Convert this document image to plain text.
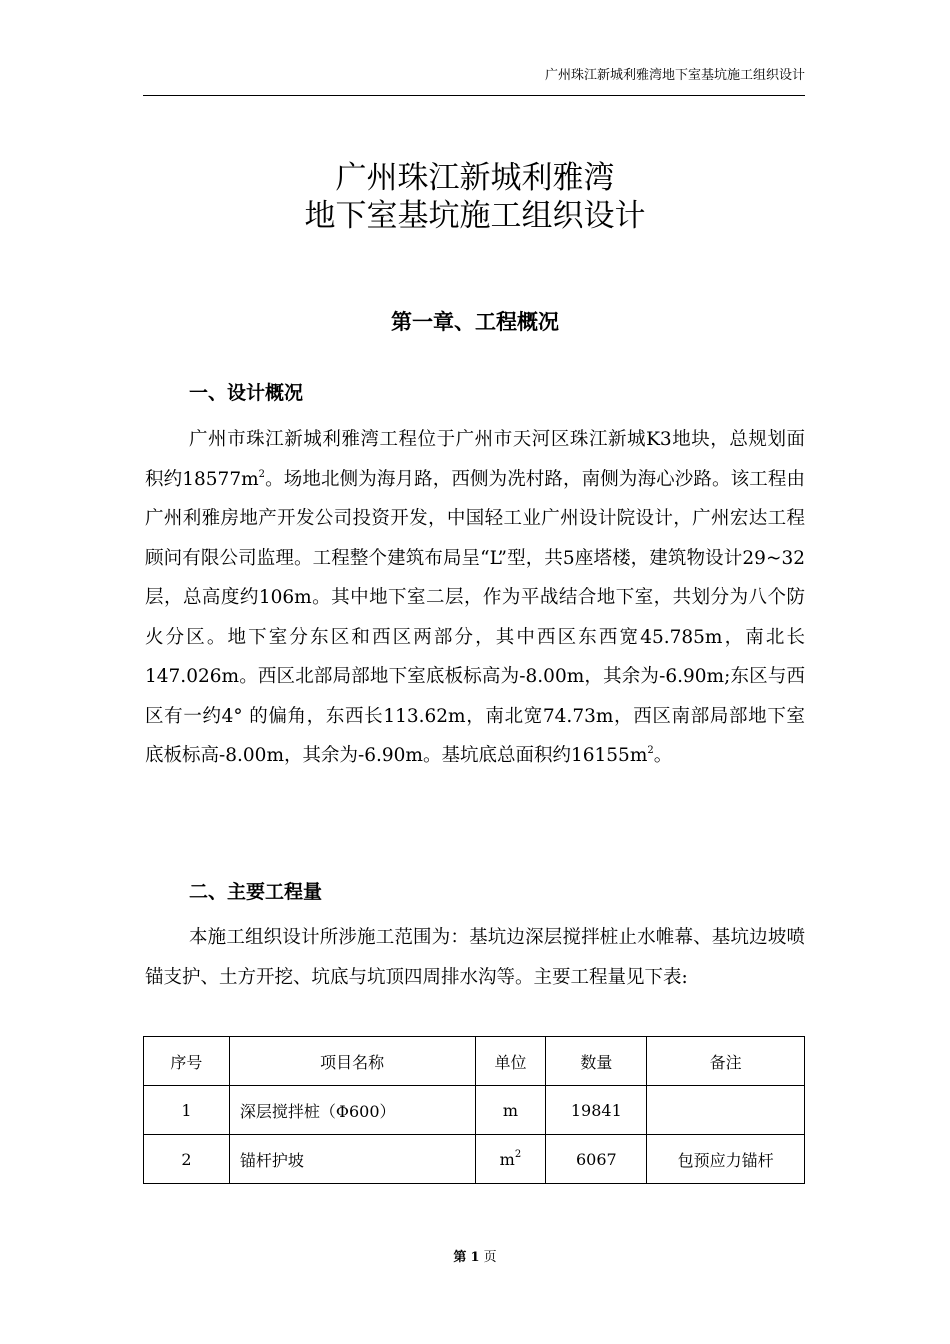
广州珠江新城利雅湾地下室基坑施工组织设计
广州珠江新城利雅湾
地下室基坑施工组织设计
第一章、工程概况
一、设计概况

广州市珠江新城利雅湾工程位于广州市天河区珠江新城K3地块，总规划面积约$18577m^2$。场地北侧为海月路，西侧为冼村路，南侧为海心沙路。该工程由广州利雅房地产开发公司投资开发，中国轻工业广州设计院设计，广州宏达工程顾问有限公司监理。工程整个建筑布局呈“L”型，共5座塔楼，建筑物设计29~32层，总高度约106m。其中地下室二层，作为平战结合地下室，共划分为八个防火分区。地下室分东区和西区两部分，其中西区东西宽45.785m，南北长147.026m。西区北部局部地下室底板标高为-8.00m，其余为-6.90m;东区与西区有一约4° 的偏角，东西长113.62m，南北宽74.73m，西区南部局部地下室底板标高-8.00m，其余为-6.90m。基坑底总面积约$16155m^2$。

二、主要工程量

本施工组织设计所涉施工范围为：基坑边深层搅拌桩止水帷幕、基坑边坡喷锚支护、土方开挖、坑底与坑顶四周排水沟等。主要工程量见下表:

序号	项目名称	单位	数量	备注
1	深层搅拌桩（Φ600）	m	19841	
2	锚杆护坡	$m^2$	6067	包预应力锚杆
第 1 页
